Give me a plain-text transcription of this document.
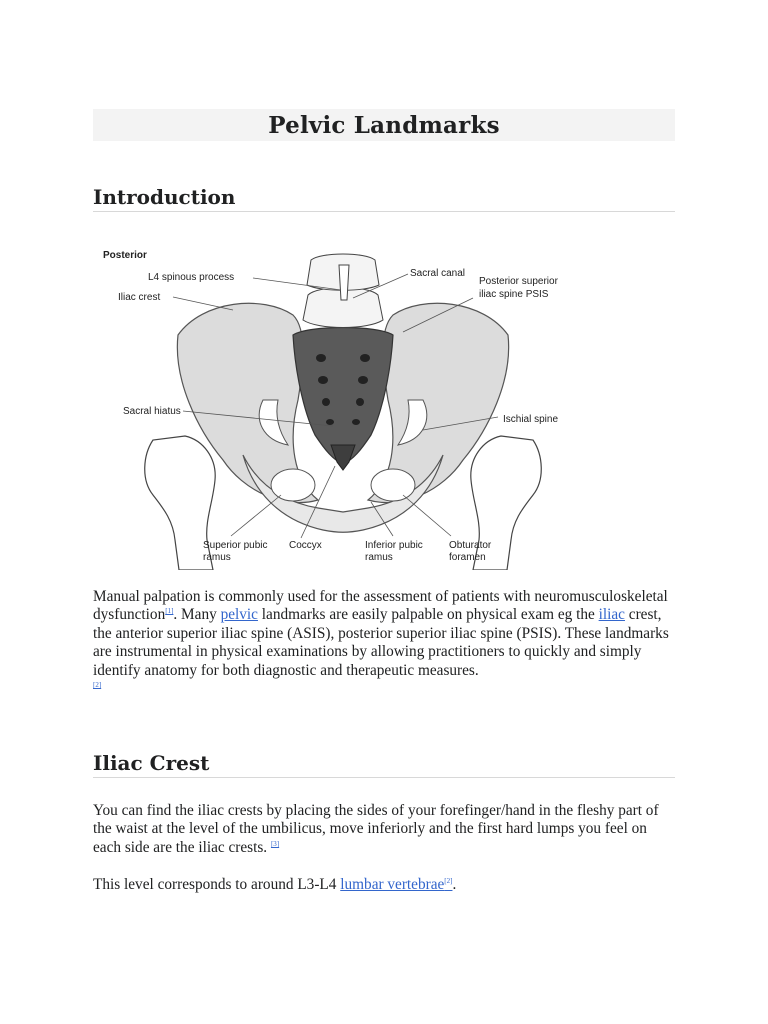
Pelvic Landmarks
Introduction
Posterior
L4 spinous process
Iliac crest
Sacral canal
Posterior superior
iliac spine PSIS
Sacral hiatus
Ischial spine
Superior pubic
ramus
Coccyx	Inferior pubic
ramus
Obturator
foramen

Manual palpation is commonly used for the assessment of patients with neuromusculoskeletal dysfunction[1]. Many pelvic landmarks are easily palpable on physical exam eg the iliac crest, the anterior superior iliac spine (ASIS), posterior superior iliac spine (PSIS). These landmarks are instrumental in physical examinations by allowing practitioners to quickly and simply identify anatomy for both diagnostic and therapeutic measures.
[2]

Iliac Crest

You can find the iliac crests by placing the sides of your forefinger/hand in the fleshy part of the waist at the level of the umbilicus, move inferiorly and the first hard lumps you feel on each side are the iliac crests. [3]

This level corresponds to around L3-L4 lumbar vertebrae[2].
